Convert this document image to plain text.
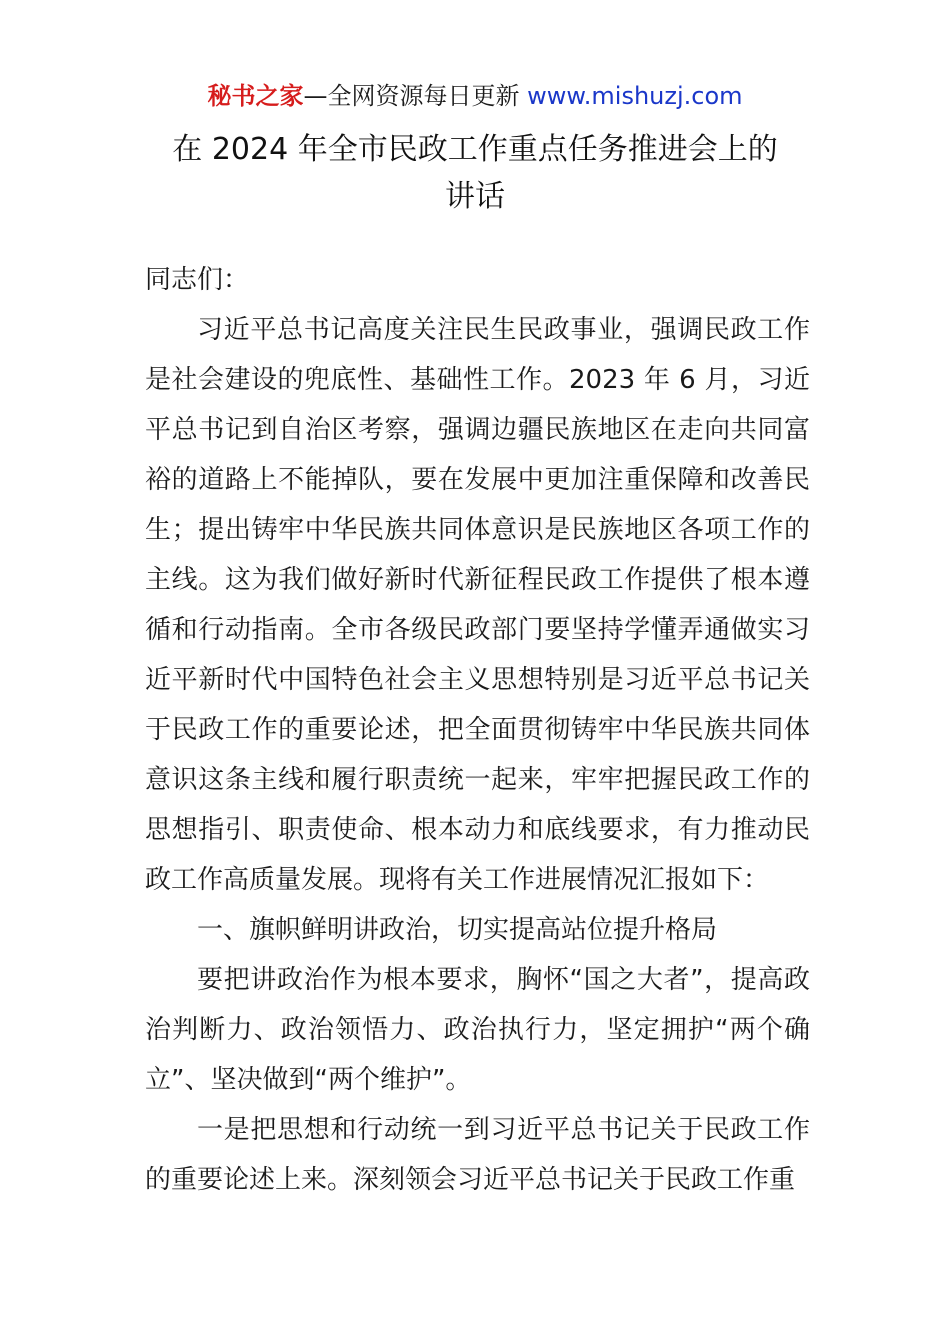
秘书之家—全网资源每日更新 www.mishuzj.com

在 2024 年全市民政工作重点任务推进会上的

讲话

同志们：

习近平总书记高度关注民生民政事业，强调民政工作是社会建设的兜底性、基础性工作。2023 年 6 月，习近平总书记到自治区考察，强调边疆民族地区在走向共同富裕的道路上不能掉队，要在发展中更加注重保障和改善民生；提出铸牢中华民族共同体意识是民族地区各项工作的主线。这为我们做好新时代新征程民政工作提供了根本遵循和行动指南。全市各级民政部门要坚持学懂弄通做实习近平新时代中国特色社会主义思想特别是习近平总书记关于民政工作的重要论述，把全面贯彻铸牢中华民族共同体意识这条主线和履行职责统一起来，牢牢把握民政工作的思想指引、职责使命、根本动力和底线要求，有力推动民政工作高质量发展。现将有关工作进展情况汇报如下：

一、旗帜鲜明讲政治，切实提高站位提升格局

要把讲政治作为根本要求，胸怀“国之大者”，提高政治判断力、政治领悟力、政治执行力，坚定拥护“两个确立”、坚决做到“两个维护”。

一是把思想和行动统一到习近平总书记关于民政工作的重要论述上来。深刻领会习近平总书记关于民政工作重
